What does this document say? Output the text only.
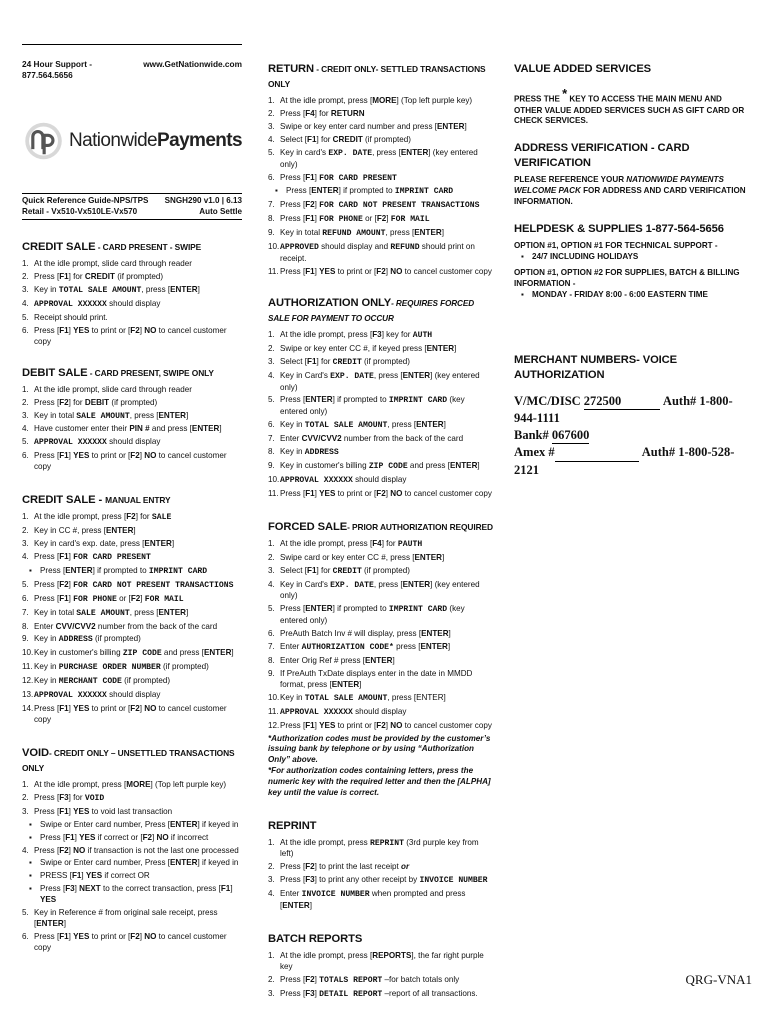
24 Hour Support - 877.564.5656
www.GetNationwide.com
NationwidePayments
Quick Reference Guide-NPS/TPS
Retail - Vx510-Vx510LE-Vx570
SNGH290 v1.0 | 6.13
Auto Settle
CREDIT SALE - CARD PRESENT - SWIPE
1. At the idle prompt, slide card through reader
2. Press [F1] for CREDIT (if prompted)
3. Key in TOTAL SALE AMOUNT, press [ENTER]
4. APPROVAL XXXXXX should display
5. Receipt should print.
6. Press [F1] YES to print or [F2] NO to cancel customer copy
DEBIT SALE - CARD PRESENT, SWIPE ONLY
1. At the idle prompt, slide card through reader
2. Press [F2] for DEBIT (if prompted)
3. Key in total SALE AMOUNT, press [ENTER]
4. Have customer enter their PIN # and press [ENTER]
5. APPROVAL XXXXXX should display
6. Press [F1] YES to print or [F2] NO to cancel customer copy
CREDIT SALE - MANUAL ENTRY
1. At the idle prompt, press [F2] for SALE
2. Key in CC #, press [ENTER]
3. Key in card's exp. date, press [ENTER]
4. Press [F1] FOR CARD PRESENT
▪ Press [ENTER] if prompted to IMPRINT CARD
5. Press [F2] FOR CARD NOT PRESENT TRANSACTIONS
6. Press [F1] FOR PHONE or [F2] FOR MAIL
7. Key in total SALE AMOUNT, press [ENTER]
8. Enter CVV/CVV2 number from the back of the card
9. Key in ADDRESS (if prompted)
10. Key in customer's billing ZIP CODE and press [ENTER]
11. Key in PURCHASE ORDER NUMBER (if prompted)
12. Key in MERCHANT CODE (if prompted)
13. APPROVAL XXXXXX should display
14. Press [F1] YES to print or [F2] NO to cancel customer copy
VOID- CREDIT ONLY – UNSETTLED TRANSACTIONS ONLY
1. At the idle prompt, press [MORE] (Top left purple key)
2. Press [F3] for VOID
3. Press [F1] YES to void last transaction
▪ Swipe or Enter card number, Press [ENTER] if keyed in
▪ Press [F1] YES if correct or [F2] NO if incorrect
4. Press [F2] NO if transaction is not the last one processed
▪ Swipe or Enter card number, Press [ENTER] if keyed in
▪ PRESS [F1] YES if correct OR
▪ Press [F3] NEXT to the correct transaction, press [F1] YES
5. Key in Reference # from original sale receipt, press [ENTER]
6. Press [F1] YES to print or [F2] NO to cancel customer copy
RETURN - CREDIT ONLY- SETTLED TRANSACTIONS ONLY
1. At the idle prompt, press [MORE] (Top left purple key)
2. Press [F4] for RETURN
3. Swipe or key enter card number and press [ENTER]
4. Select [F1] for CREDIT (if prompted)
5. Key in card's EXP. DATE, press [ENTER] (key entered only)
6. Press [F1] FOR CARD PRESENT
▪ Press [ENTER] if prompted to IMPRINT CARD
7. Press [F2] FOR CARD NOT PRESENT TRANSACTIONS
8. Press [F1] FOR PHONE or [F2] FOR MAIL
9. Key in total REFUND AMOUNT, press [ENTER]
10. APPROVED should display and REFUND should print on receipt.
11. Press [F1] YES to print or [F2] NO to cancel customer copy
AUTHORIZATION ONLY- REQUIRES FORCED SALE FOR PAYMENT TO OCCUR
1. At the idle prompt, press [F3] key for AUTH
2. Swipe or key enter CC #, if keyed press [ENTER]
3. Select [F1] for CREDIT (if prompted)
4. Key in Card's EXP. DATE, press [ENTER] (key entered only)
5. Press [ENTER] if prompted to IMPRINT CARD (key entered only)
6. Key in TOTAL SALE AMOUNT, press [ENTER]
7. Enter CVV/CVV2 number from the back of the card
8. Key in ADDRESS
9. Key in customer's billing ZIP CODE and press [ENTER]
10. APPROVAL XXXXXX should display
11. Press [F1] YES to print or [F2] NO to cancel customer copy
FORCED SALE- PRIOR AUTHORIZATION REQUIRED
1. At the idle prompt, press [F4] for PAUTH
2. Swipe card or key enter CC #, press [ENTER]
3. Select [F1] for CREDIT (if prompted)
4. Key in Card's EXP. DATE, press [ENTER] (key entered only)
5. Press [ENTER] if prompted to IMPRINT CARD (key entered only)
6. PreAuth Batch Inv # will display, press [ENTER]
7. Enter AUTHORIZATION CODE* press [ENTER]
8. Enter Orig Ref # press [ENTER]
9. If PreAuth TxDate displays enter in the date in MMDD format, press [ENTER]
10. Key in TOTAL SALE AMOUNT, press [ENTER]
11. APPROVAL XXXXXX should display
12. Press [F1] YES to print or [F2] NO to cancel customer copy
*Authorization codes must be provided by the customer’s issuing bank by telephone or by using “Authorization Only” above.
*For authorization codes containing letters, press the numeric key with the required letter and then the [ALPHA] key until the value is correct.
REPRINT
1. At the idle prompt, press REPRINT (3rd purple key from left)
2. Press [F2] to print the last receipt or
3. Press [F3] to print any other receipt by INVOICE NUMBER
4. Enter INVOICE NUMBER when prompted and press [ENTER]
BATCH REPORTS
1. At the idle prompt, press [REPORTS], the far right purple key
2. Press [F2] TOTALS REPORT –for batch totals only
3. Press [F3] DETAIL REPORT –report of all transactions.
VALUE ADDED SERVICES
PRESS THE * KEY TO ACCESS THE MAIN MENU AND OTHER VALUE ADDED SERVICES SUCH AS GIFT CARD OR CHECK SERVICES.
ADDRESS VERIFICATION - CARD VERIFICATION
PLEASE REFERENCE YOUR NATIONWIDE PAYMENTS WELCOME PACK FOR ADDRESS AND CARD VERIFICATION INFORMATION.
HELPDESK & SUPPLIES 1-877-564-5656
OPTION #1, OPTION #1 FOR TECHNICAL SUPPORT -
▪ 24/7 INCLUDING HOLIDAYS
OPTION #1, OPTION #2 FOR SUPPLIES, BATCH & BILLING INFORMATION -
▪ MONDAY - FRIDAY 8:00 - 6:00 EASTERN TIME
MERCHANT NUMBERS- VOICE AUTHORIZATION
V/MC/DISC 272500	Auth# 1-800-944-1111
Bank# 067600
Amex #	Auth# 1-800-528-2121
QRG-VNA1
